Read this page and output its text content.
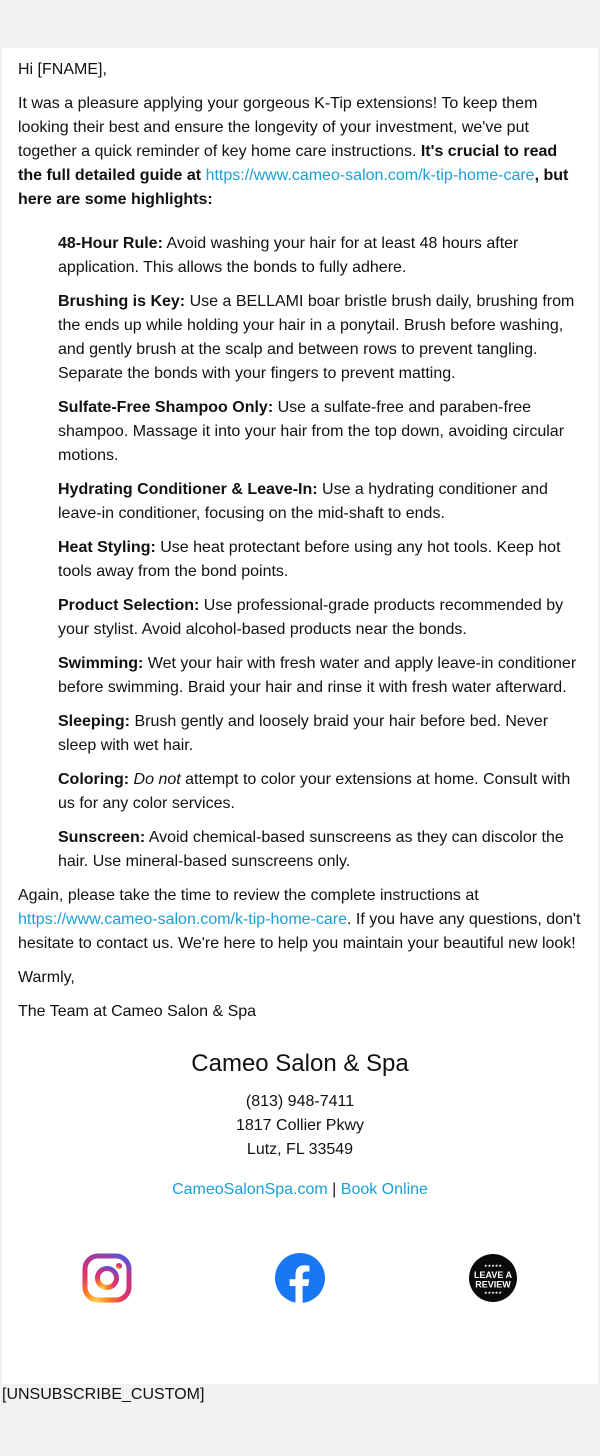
Hi [FNAME],

It was a pleasure applying your gorgeous K-Tip extensions! To keep them looking their best and ensure the longevity of your investment, we've put together a quick reminder of key home care instructions. It's crucial to read the full detailed guide at https://www.cameo-salon.com/k-tip-home-care, but here are some highlights:

48-Hour Rule: Avoid washing your hair for at least 48 hours after application. This allows the bonds to fully adhere.
Brushing is Key: Use a BELLAMI boar bristle brush daily, brushing from the ends up while holding your hair in a ponytail. Brush before washing, and gently brush at the scalp and between rows to prevent tangling. Separate the bonds with your fingers to prevent matting.
Sulfate-Free Shampoo Only: Use a sulfate-free and paraben-free shampoo. Massage it into your hair from the top down, avoiding circular motions.
Hydrating Conditioner & Leave-In: Use a hydrating conditioner and leave-in conditioner, focusing on the mid-shaft to ends.
Heat Styling: Use heat protectant before using any hot tools. Keep hot tools away from the bond points.
Product Selection: Use professional-grade products recommended by your stylist. Avoid alcohol-based products near the bonds.
Swimming: Wet your hair with fresh water and apply leave-in conditioner before swimming. Braid your hair and rinse it with fresh water afterward.
Sleeping: Brush gently and loosely braid your hair before bed. Never sleep with wet hair.
Coloring: Do not attempt to color your extensions at home. Consult with us for any color services.
Sunscreen: Avoid chemical-based sunscreens as they can discolor the hair. Use mineral-based sunscreens only.

Again, please take the time to review the complete instructions at https://www.cameo-salon.com/k-tip-home-care. If you have any questions, don't hesitate to contact us. We're here to help you maintain your beautiful new look!

Warmly,

The Team at Cameo Salon & Spa

Cameo Salon & Spa
(813) 948-7411
1817 Collier Pkwy
Lutz, FL 33549
CameoSalonSpa.com | Book Online
★★★★★
LEAVE A
REVIEW
★★★★★
[UNSUBSCRIBE_CUSTOM]
